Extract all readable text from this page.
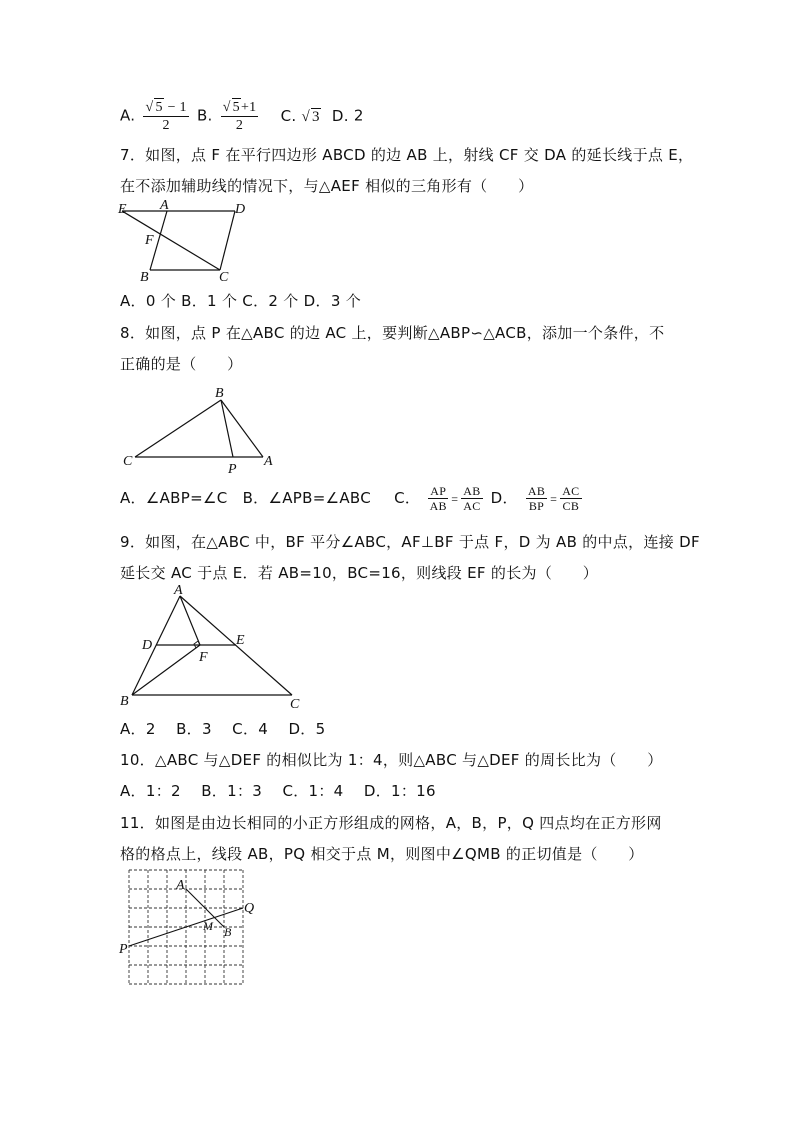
A. $\frac{√ 5 - 1}{2} B$. $\frac{√ 5+1}{2} C$. √ 3 D. 2
7．如图，点 F 在平行四边形 ABCD 的边 AB 上，射线 CF 交 DA 的延长线于点 E，
在不添加辅助线的情况下，与△AEF 相似的三角形有（　　）
E A	D
F
B	C
A．0 个 B．1 个 C．2 个 D．3 个
8．如图，点 P 在△ABC 的边 AC 上，要判断△ABP∽△ACB，添加一个条件，不
正确的是（　　）
B
C
P
A
A．∠ABP=∠C B．∠APB=∠ABC C． $\frac{AP}{AB} = \frac{AB}{AC}$ D． $\frac{AB}{BP} = \frac{AC}{CB}$
9．如图，在△ABC 中，BF 平分∠ABC，AF⊥BF 于点 F，D 为 AB 的中点，连接 DF
延长交 AC 于点 E．若 AB=10，BC=16，则线段 EF 的长为（　　）
A
D	E
F
B	C
A．2　 B．3　 C．4　 D．5
10．△ABC 与△DEF 的相似比为 1：4，则△ABC 与△DEF 的周长比为（　　）
A．1：2　 B．1：3　 C．1：4　 D．1：16
11．如图是由边长相同的小正方形组成的网格，A，B，P，Q 四点均在正方形网
格的格点上，线段 AB，PQ 相交于点 M，则图中∠QMB 的正切值是（　　）
A
M B
Q
P
